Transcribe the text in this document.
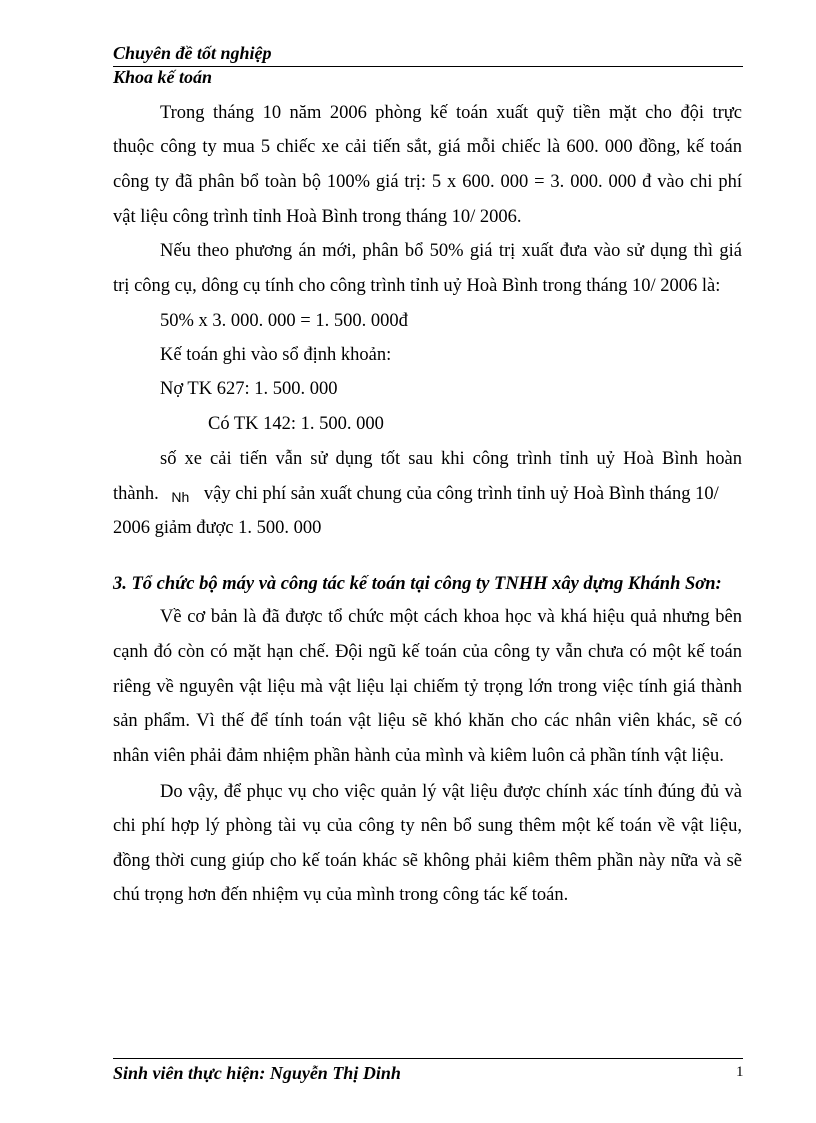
Chuyên đề tốt nghiệp
Khoa kế toán
Trong tháng 10 năm 2006 phòng kế toán xuất quỹ tiền mặt cho đội trực
thuộc công ty mua 5 chiếc xe cải tiến sắt, giá mỗi chiếc là 600. 000 đồng, kế toán
công ty đã phân bổ toàn bộ 100% giá trị: 5 x 600. 000 = 3. 000. 000 đ vào chi phí
vật liệu công trình tỉnh Hoà Bình trong tháng 10/ 2006.
Nếu theo phương án mới, phân bổ 50% giá trị xuất đưa vào sử dụng thì giá
trị công cụ, dông cụ tính cho công trình tỉnh uỷ Hoà Bình trong tháng 10/ 2006 là:
50% x 3. 000. 000 = 1. 500. 000đ
Kế toán ghi vào sổ định khoản:
Nợ TK 627: 1. 500. 000
Có TK 142: 1. 500. 000
số xe cải tiến vẫn sử dụng tốt sau khi công trình tỉnh uỷ Hoà Bình hoàn
thành. Nh vậy chi phí sản xuất chung của công trình tỉnh uỷ Hoà Bình tháng 10/
2006 giảm được 1. 500. 000
3. Tổ chức bộ máy và công tác kế toán tại công ty TNHH xây dựng Khánh Sơn:
Về cơ bản là đã được tổ chức một cách khoa học và khá hiệu quả nhưng bên
cạnh đó còn có mặt hạn chế. Đội ngũ kế toán của công ty vẫn chưa có một kế toán
riêng về nguyên vật liệu mà vật liệu lại chiếm tỷ trọng lớn trong việc tính giá thành
sản phẩm. Vì thế để tính toán vật liệu sẽ khó khăn cho các nhân viên khác, sẽ có
nhân viên phải đảm nhiệm phần hành của mình và kiêm luôn cả phần tính vật liệu.
Do vậy, để phục vụ cho việc quản lý vật liệu được chính xác tính đúng đủ và
chi phí hợp lý phòng tài vụ của công ty nên bổ sung thêm một kế toán về vật liệu,
đồng thời cung giúp cho kế toán khác sẽ không phải kiêm thêm phần này nữa và sẽ
chú trọng hơn đến nhiệm vụ của mình trong công tác kế toán.
Sinh viên thực hiện: Nguyễn Thị Dinh	1
